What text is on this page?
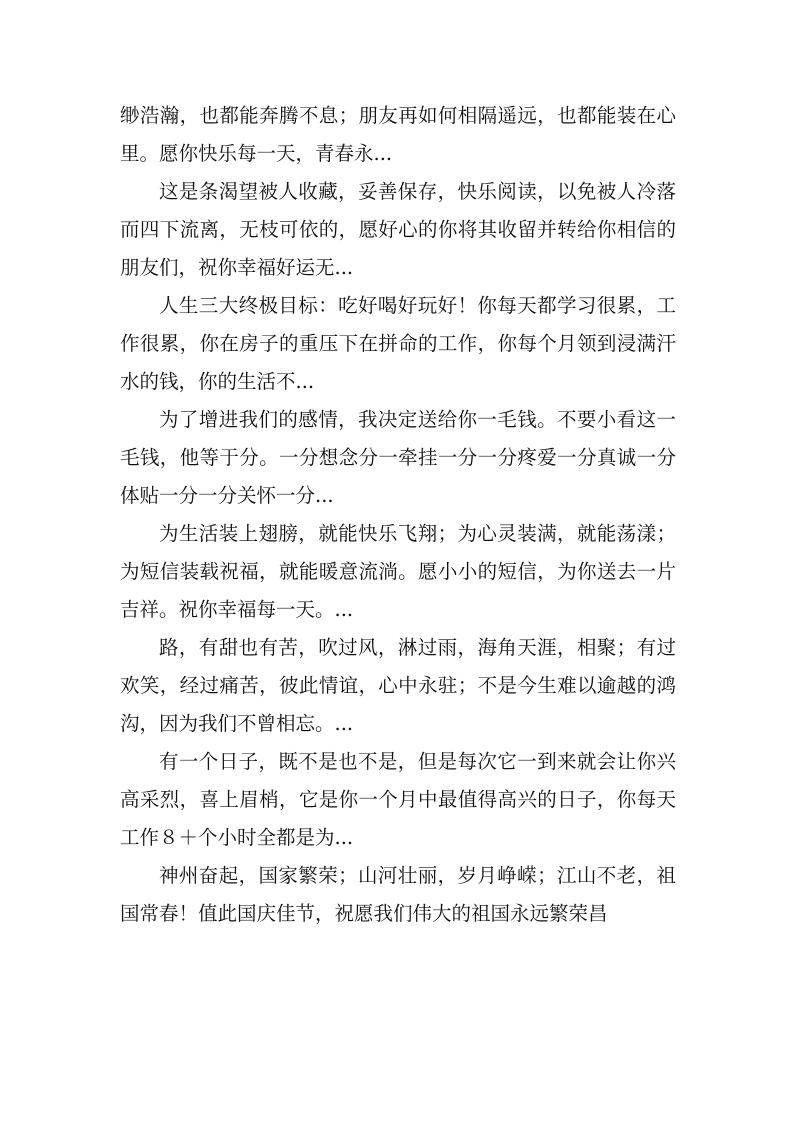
缈浩瀚，也都能奔腾不息；朋友再如何相隔遥远，也都能装在心里。愿你快乐每一天，青春永...

这是条渴望被人收藏，妥善保存，快乐阅读，以免被人冷落而四下流离，无枝可依的，愿好心的你将其收留并转给你相信的朋友们，祝你幸福好运无...

人生三大终极目标：吃好喝好玩好！你每天都学习很累，工作很累，你在房子的重压下在拼命的工作，你每个月领到浸满汗水的钱，你的生活不...

为了增进我们的感情，我决定送给你一毛钱。不要小看这一毛钱，他等于分。一分想念分一牵挂一分一分疼爱一分真诚一分体贴一分一分关怀一分...

为生活装上翅膀，就能快乐飞翔；为心灵装满，就能荡漾；为短信装载祝福，就能暖意流淌。愿小小的短信，为你送去一片吉祥。祝你幸福每一天。...

路，有甜也有苦，吹过风，淋过雨，海角天涯，相聚；有过欢笑，经过痛苦，彼此情谊，心中永驻；不是今生难以逾越的鸿沟，因为我们不曾相忘。...

有一个日子，既不是也不是，但是每次它一到来就会让你兴高采烈，喜上眉梢，它是你一个月中最值得高兴的日子，你每天工作８＋个小时全都是为...

神州奋起，国家繁荣；山河壮丽，岁月峥嵘；江山不老，祖国常春！值此国庆佳节，祝愿我们伟大的祖国永远繁荣昌
